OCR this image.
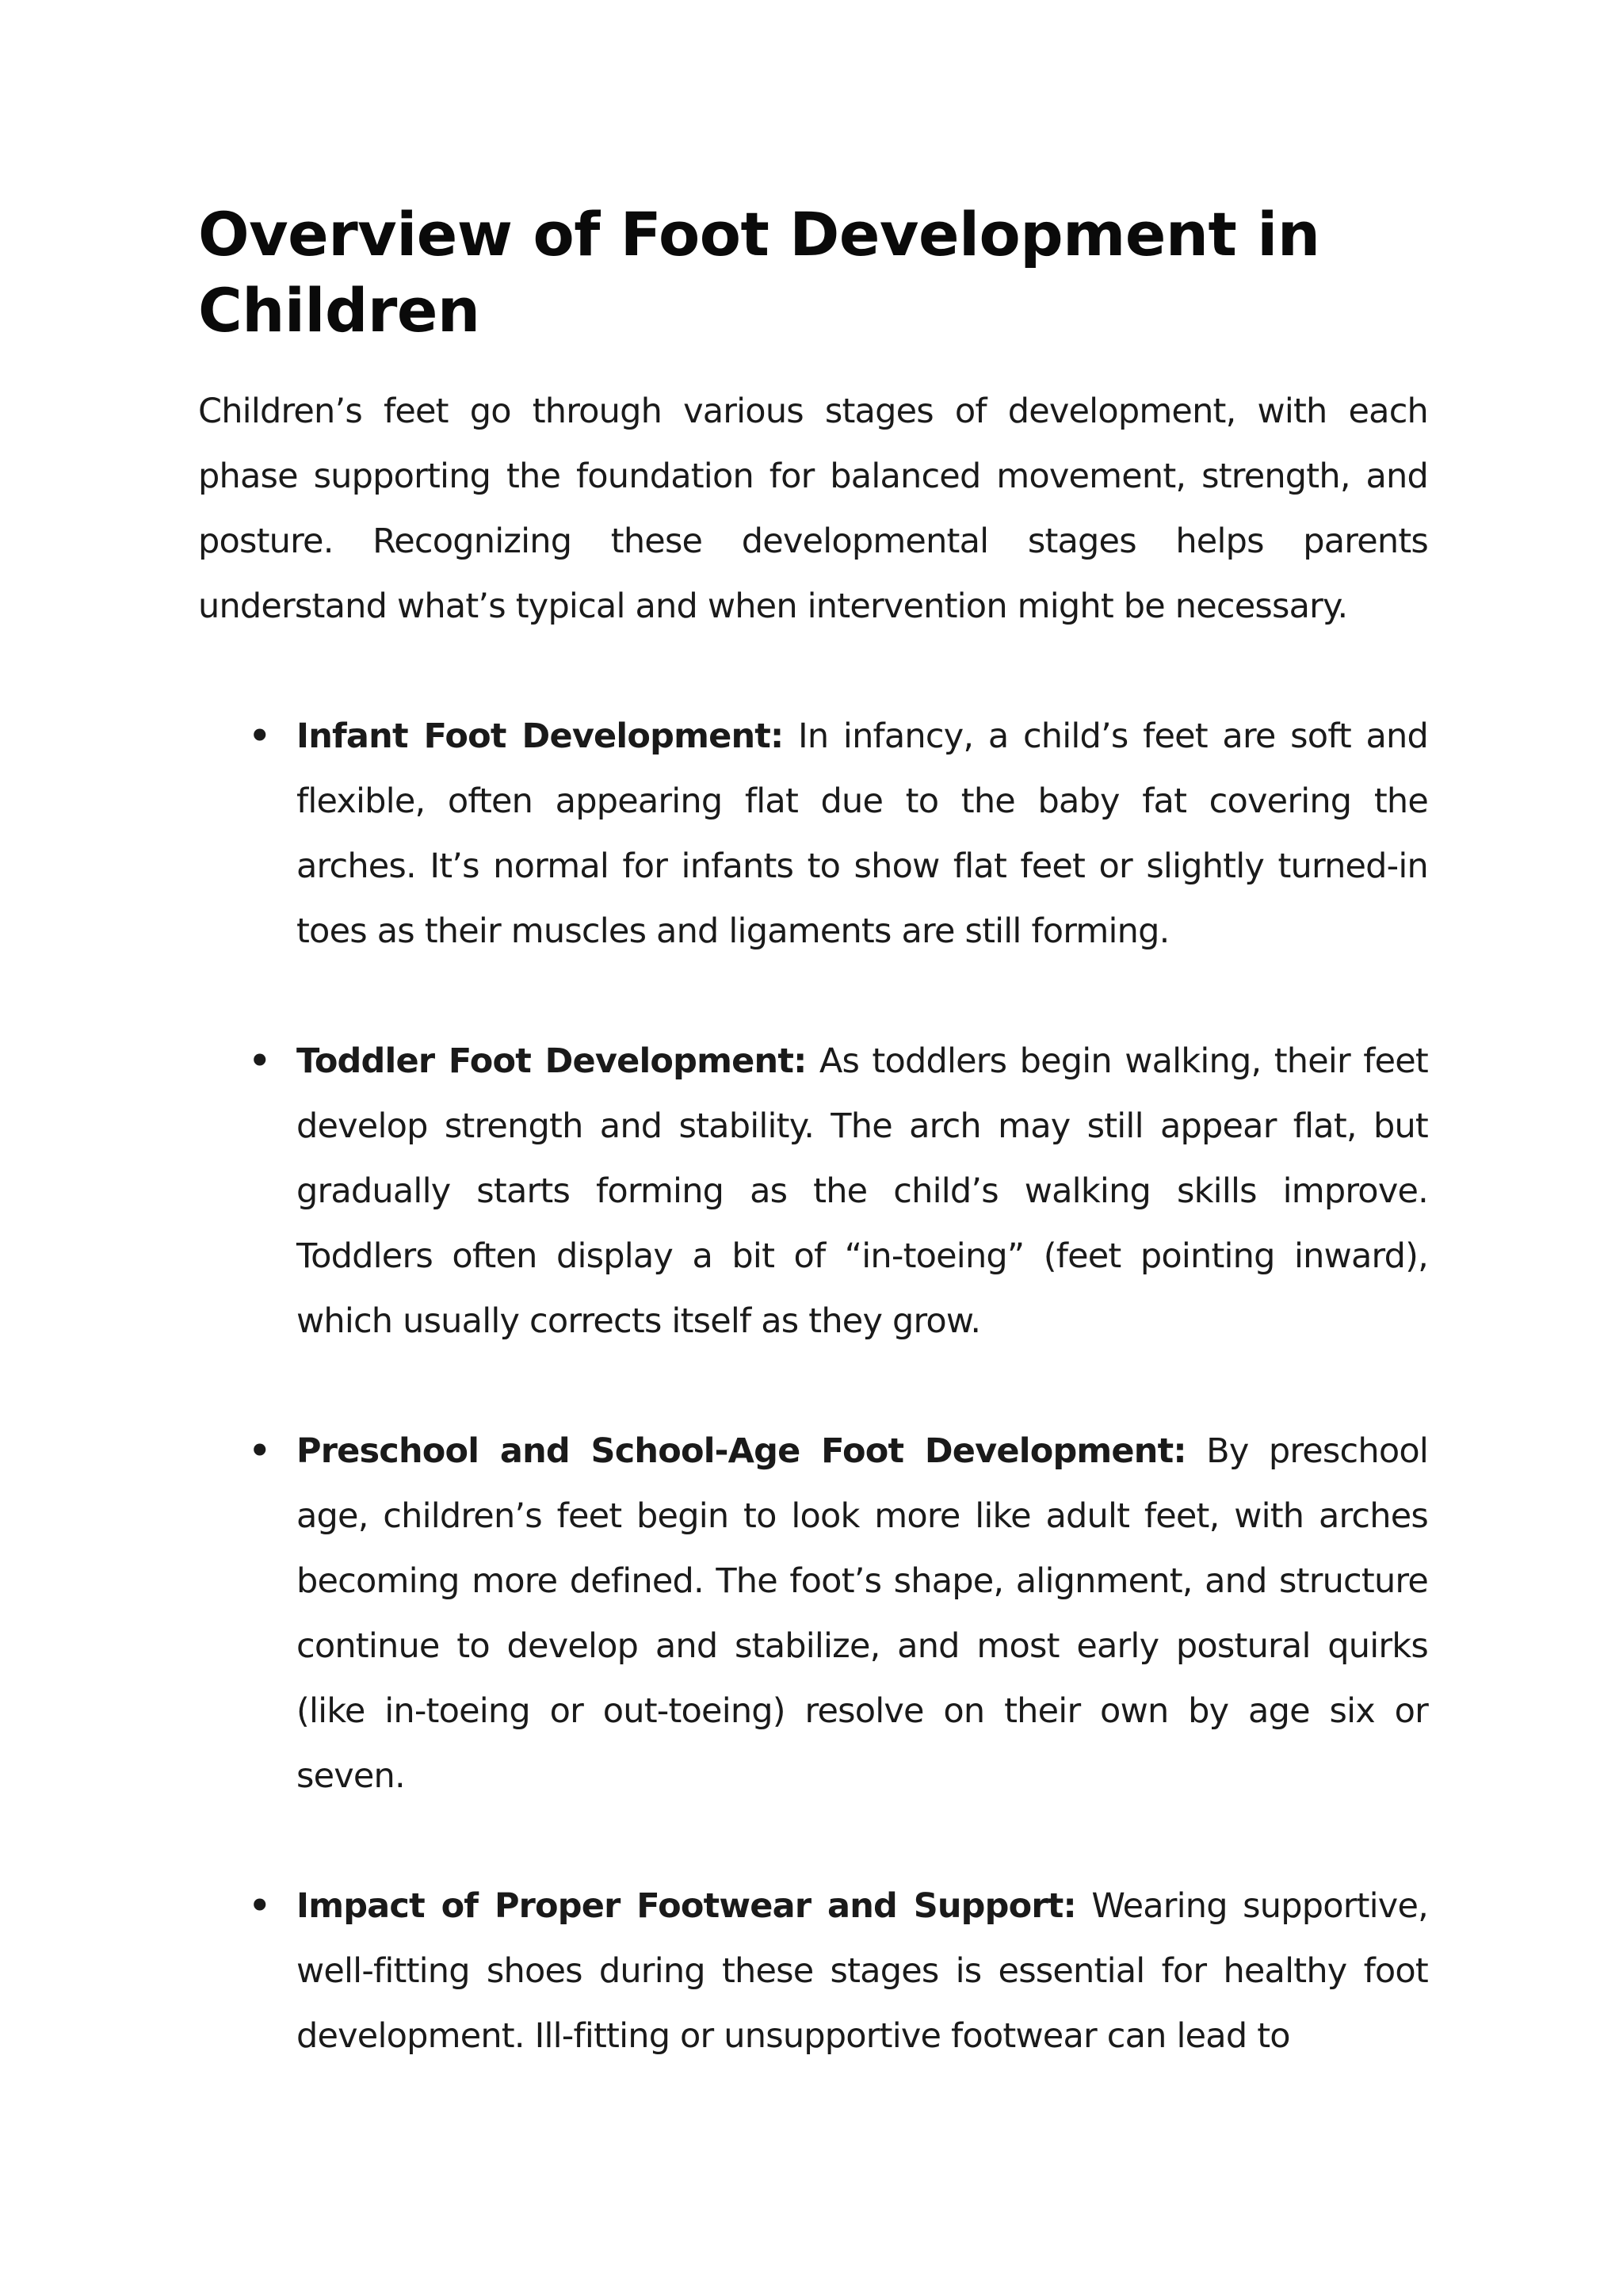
Overview of Foot Development in Children

Children’s feet go through various stages of development, with each phase supporting the foundation for balanced movement, strength, and posture. Recognizing these developmental stages helps parents understand what’s typical and when intervention might be necessary.

• Infant Foot Development: In infancy, a child’s feet are soft and flexible, often appearing flat due to the baby fat covering the arches. It’s normal for infants to show flat feet or slightly turned-in toes as their muscles and ligaments are still forming.
• Toddler Foot Development: As toddlers begin walking, their feet develop strength and stability. The arch may still appear flat, but gradually starts forming as the child’s walking skills improve. Toddlers often display a bit of “in-toeing” (feet pointing inward), which usually corrects itself as they grow.
• Preschool and School-Age Foot Development: By preschool age, children’s feet begin to look more like adult feet, with arches becoming more defined. The foot’s shape, alignment, and structure continue to develop and stabilize, and most early postural quirks (like in-toeing or out-toeing) resolve on their own by age six or seven.
• Impact of Proper Footwear and Support: Wearing supportive, well-fitting shoes during these stages is essential for healthy foot development. Ill-fitting or unsupportive footwear can lead to
